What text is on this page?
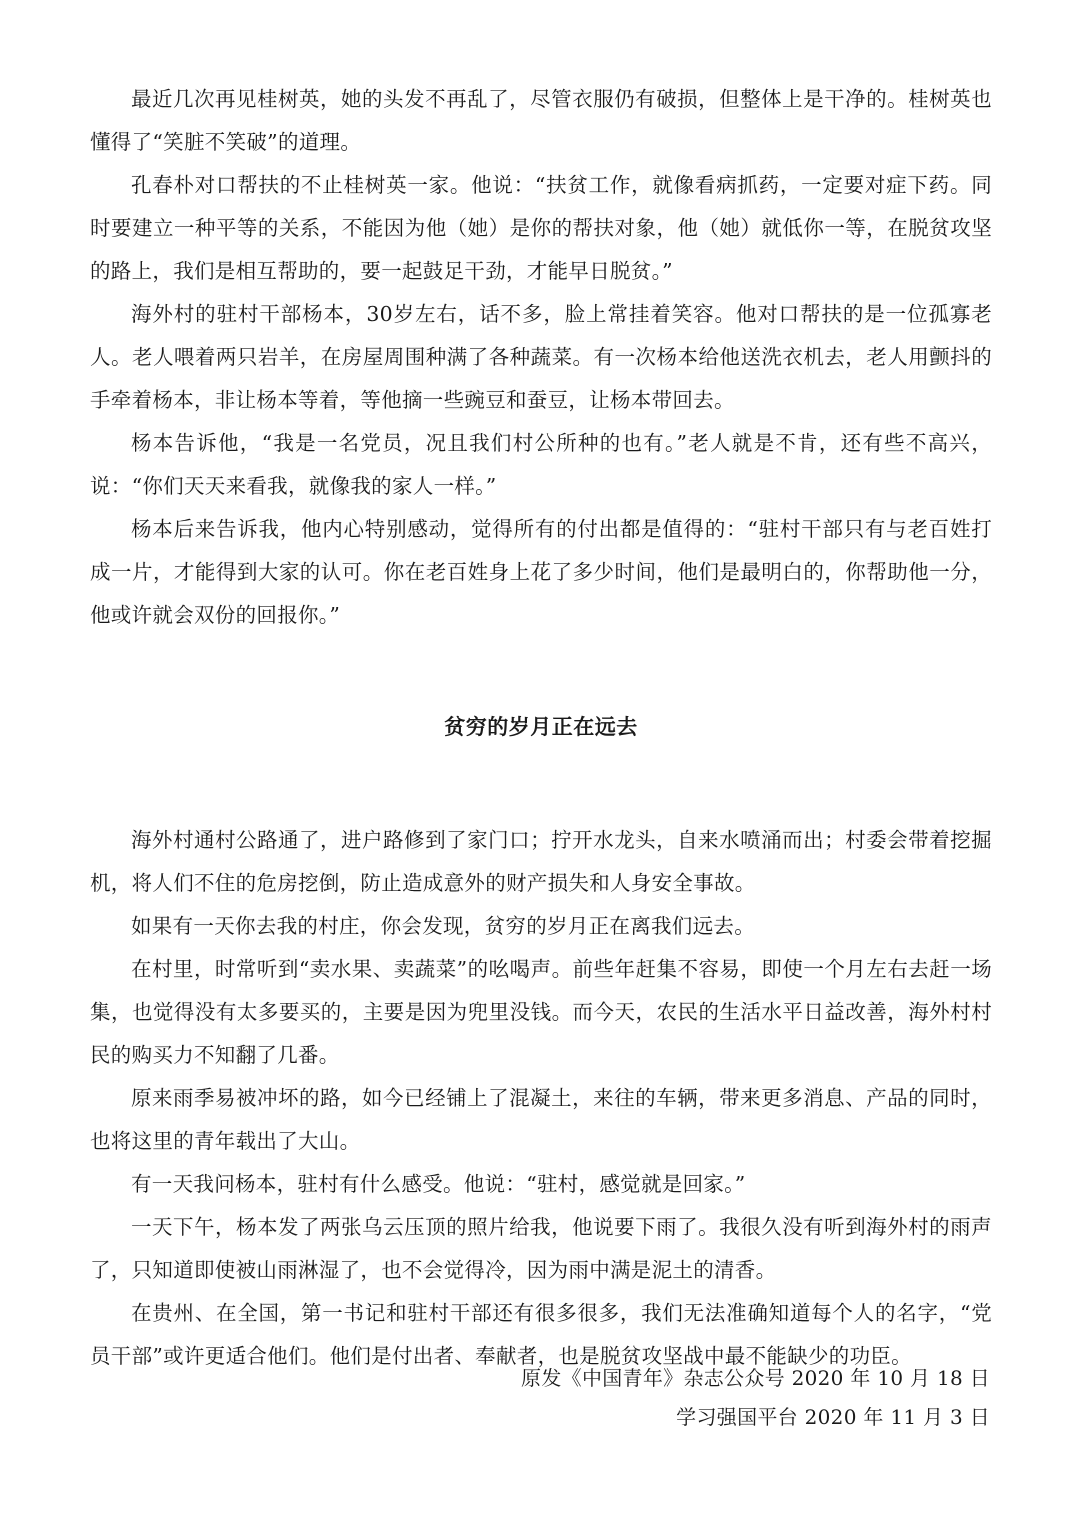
最近几次再见桂树英，她的头发不再乱了，尽管衣服仍有破损，但整体上是干净的。桂树英也懂得了“笑脏不笑破”的道理。

孔春朴对口帮扶的不止桂树英一家。他说：“扶贫工作，就像看病抓药，一定要对症下药。同时要建立一种平等的关系，不能因为他（她）是你的帮扶对象，他（她）就低你一等，在脱贫攻坚的路上，我们是相互帮助的，要一起鼓足干劲，才能早日脱贫。”

海外村的驻村干部杨本，30岁左右，话不多，脸上常挂着笑容。他对口帮扶的是一位孤寡老人。老人喂着两只岩羊，在房屋周围种满了各种蔬菜。有一次杨本给他送洗衣机去，老人用颤抖的手牵着杨本，非让杨本等着，等他摘一些豌豆和蚕豆，让杨本带回去。

杨本告诉他，“我是一名党员，况且我们村公所种的也有。”老人就是不肯，还有些不高兴，说：“你们天天来看我，就像我的家人一样。”

杨本后来告诉我，他内心特别感动，觉得所有的付出都是值得的：“驻村干部只有与老百姓打成一片，才能得到大家的认可。你在老百姓身上花了多少时间，他们是最明白的，你帮助他一分，他或许就会双份的回报你。”

贫穷的岁月正在远去

海外村通村公路通了，进户路修到了家门口；拧开水龙头，自来水喷涌而出；村委会带着挖掘机，将人们不住的危房挖倒，防止造成意外的财产损失和人身安全事故。

如果有一天你去我的村庄，你会发现，贫穷的岁月正在离我们远去。

在村里，时常听到“卖水果、卖蔬菜”的吆喝声。前些年赶集不容易，即使一个月左右去赶一场集，也觉得没有太多要买的，主要是因为兜里没钱。而今天，农民的生活水平日益改善，海外村村民的购买力不知翻了几番。

原来雨季易被冲坏的路，如今已经铺上了混凝土，来往的车辆，带来更多消息、产品的同时，也将这里的青年载出了大山。

有一天我问杨本，驻村有什么感受。他说：“驻村，感觉就是回家。”

一天下午，杨本发了两张乌云压顶的照片给我，他说要下雨了。我很久没有听到海外村的雨声了，只知道即使被山雨淋湿了，也不会觉得冷，因为雨中满是泥土的清香。

在贵州、在全国，第一书记和驻村干部还有很多很多，我们无法准确知道每个人的名字，“党员干部”或许更适合他们。他们是付出者、奉献者，也是脱贫攻坚战中最不能缺少的功臣。

原发《中国青年》杂志公众号 2020 年 10 月 18 日
学习强国平台 2020 年 11 月 3 日
